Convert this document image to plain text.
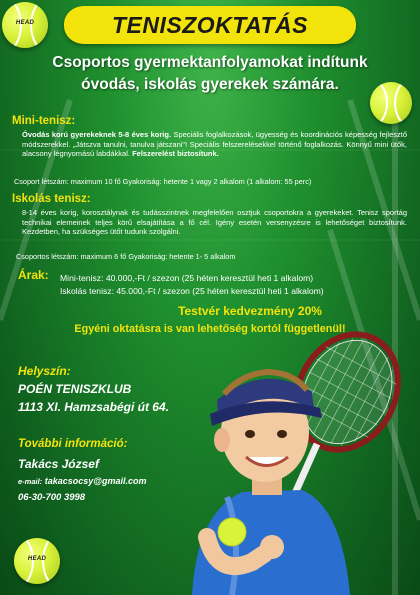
HEAD
HEAD
TENISZOKTATÁS
Csoportos gyermektanfolyamokat indítunk
óvodás, iskolás gyerekek számára.
Mini-tenisz:
Óvodás korú gyerekeknek 5-8 éves korig. Speciális foglalkozások, ügyesség és koordinációs képesség fejlesztő módszerekkel. „Játszva tanulni, tanulva játszani"! Speciális felszerelésekkel történő foglalkozás. Könnyű mini ütők, alacsony légnyomású labdákkal. Felszerelést biztosítunk.
Csoport létszám: maximum 10 fő Gyakoriság: hetente 1 vagy 2 alkalom (1 alkalom: 55 perc)
Iskolás tenisz:
8-14 éves korig, korosztálynak és tudásszintnek megfelelően osztjuk csoportokra a gyerekeket. Tenisz sportág technikai elemeinek teljes körű elsajátítása a fő cél. Igény esetén versenyzésre is lehetőséget biztosítunk. Kezdetben, ha szükséges ütőt tudunk szolgálni.
Csoportos létszám: maximum 6 fő Gyakoriság: hetente 1- 5 alkalom
Árak: Mini-tenisz: 40.000,-Ft / szezon (25 héten keresztül heti 1 alkalom)
Iskolás tenisz: 45.000,-Ft / szezon (25 héten keresztül heti 1 alkalom)
Testvér kedvezmény 20%
Egyéni oktatásra is van lehetőség kortól függetlenül!
Helyszín:
POÉN TENISZKLUB
1113 XI. Hamzsabégi út 64.
További információ:
Takács József
e-mail: takacsocsy@gmail.com
06-30-700 3998
